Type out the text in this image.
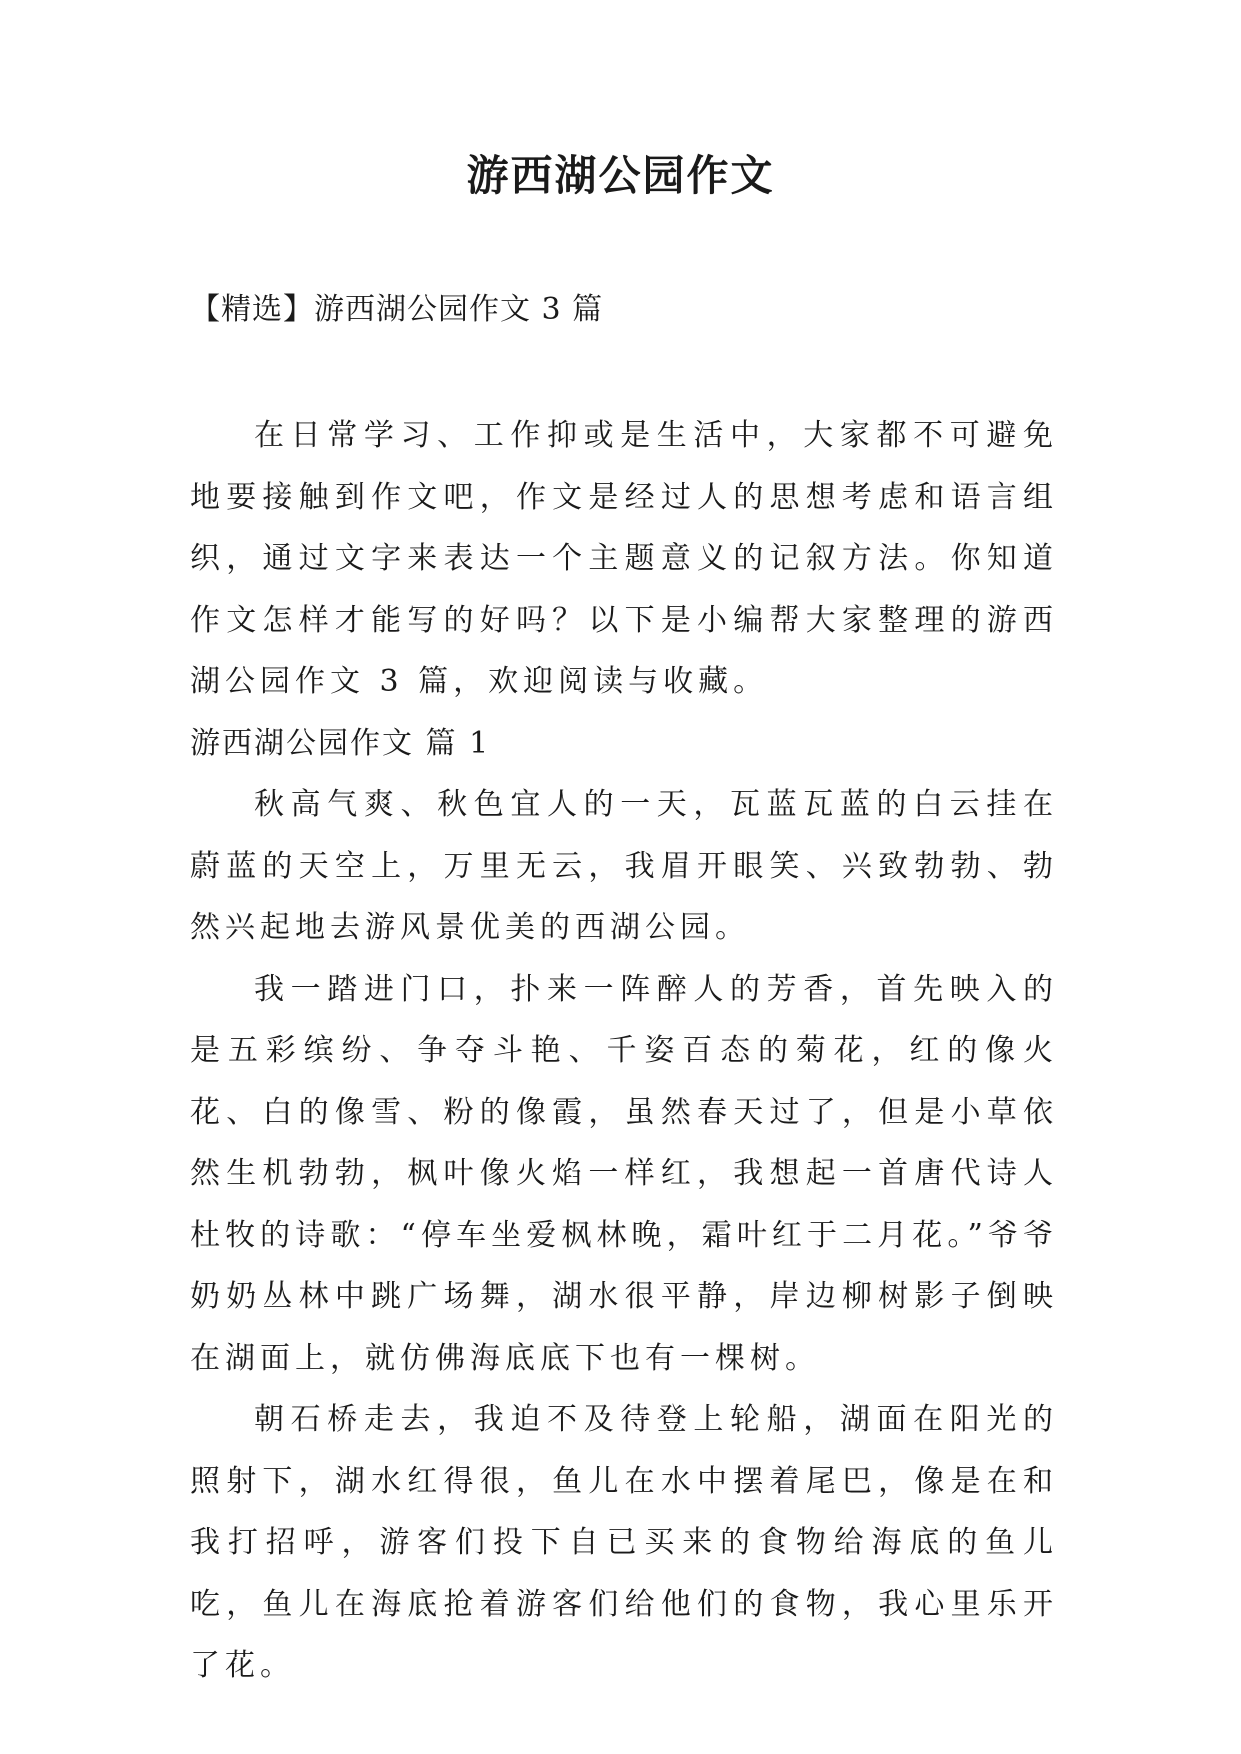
游西湖公园作文
【精选】游西湖公园作文 3 篇

在日常学习、工作抑或是生活中，大家都不可避免地要接触到作文吧，作文是经过人的思想考虑和语言组织，通过文字来表达一个主题意义的记叙方法。你知道作文怎样才能写的好吗？以下是小编帮大家整理的游西湖公园作文 3 篇，欢迎阅读与收藏。

游西湖公园作文 篇 1

秋高气爽、秋色宜人的一天，瓦蓝瓦蓝的白云挂在蔚蓝的天空上，万里无云，我眉开眼笑、兴致勃勃、勃然兴起地去游风景优美的西湖公园。

我一踏进门口，扑来一阵醉人的芳香，首先映入的是五彩缤纷、争夺斗艳、千姿百态的菊花，红的像火花、白的像雪、粉的像霞，虽然春天过了，但是小草依然生机勃勃，枫叶像火焰一样红，我想起一首唐代诗人杜牧的诗歌：“停车坐爱枫林晚，霜叶红于二月花。”爷爷奶奶丛林中跳广场舞，湖水很平静，岸边柳树影子倒映在湖面上，就仿佛海底底下也有一棵树。

朝石桥走去，我迫不及待登上轮船，湖面在阳光的照射下，湖水红得很，鱼儿在水中摆着尾巴，像是在和我打招呼，游客们投下自已买来的食物给海底的鱼儿吃，鱼儿在海底抢着游客们给他们的食物，我心里乐开了花。
